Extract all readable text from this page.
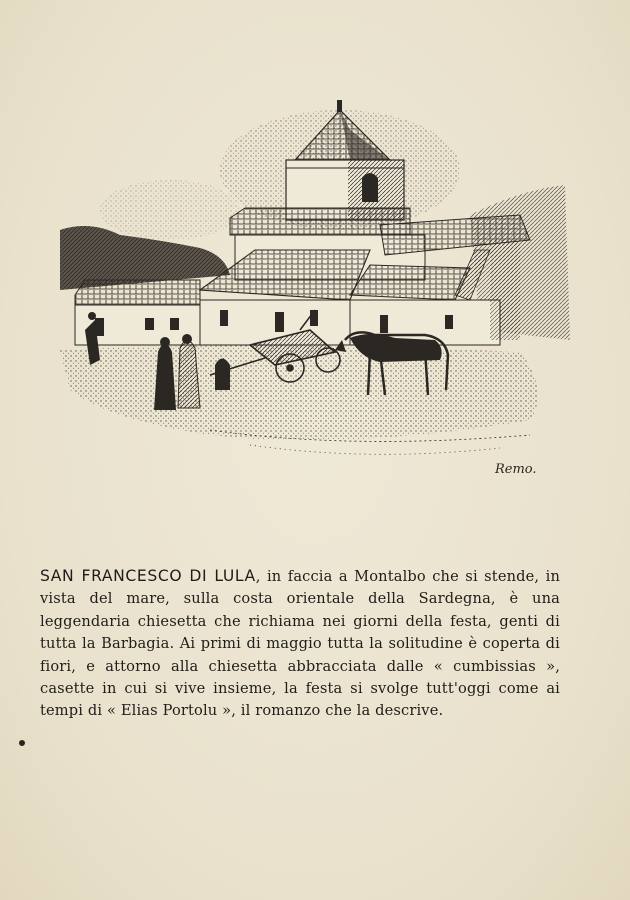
Remo.
SAN FRANCESCO DI LULA, in faccia a Montalbo che si stende, in vista del mare, sulla costa orientale della Sardegna, è una leggendaria chiesetta che richiama nei giorni della festa, genti di tutta la Barbagia. Ai primi di maggio tutta la solitudine è coperta di fiori, e attorno alla chiesetta abbracciata dalle « cumbissias », casette in cui si vive insieme, la festa si svolge tutt'oggi come ai tempi di « Elias Portolu », il romanzo che la descrive.
